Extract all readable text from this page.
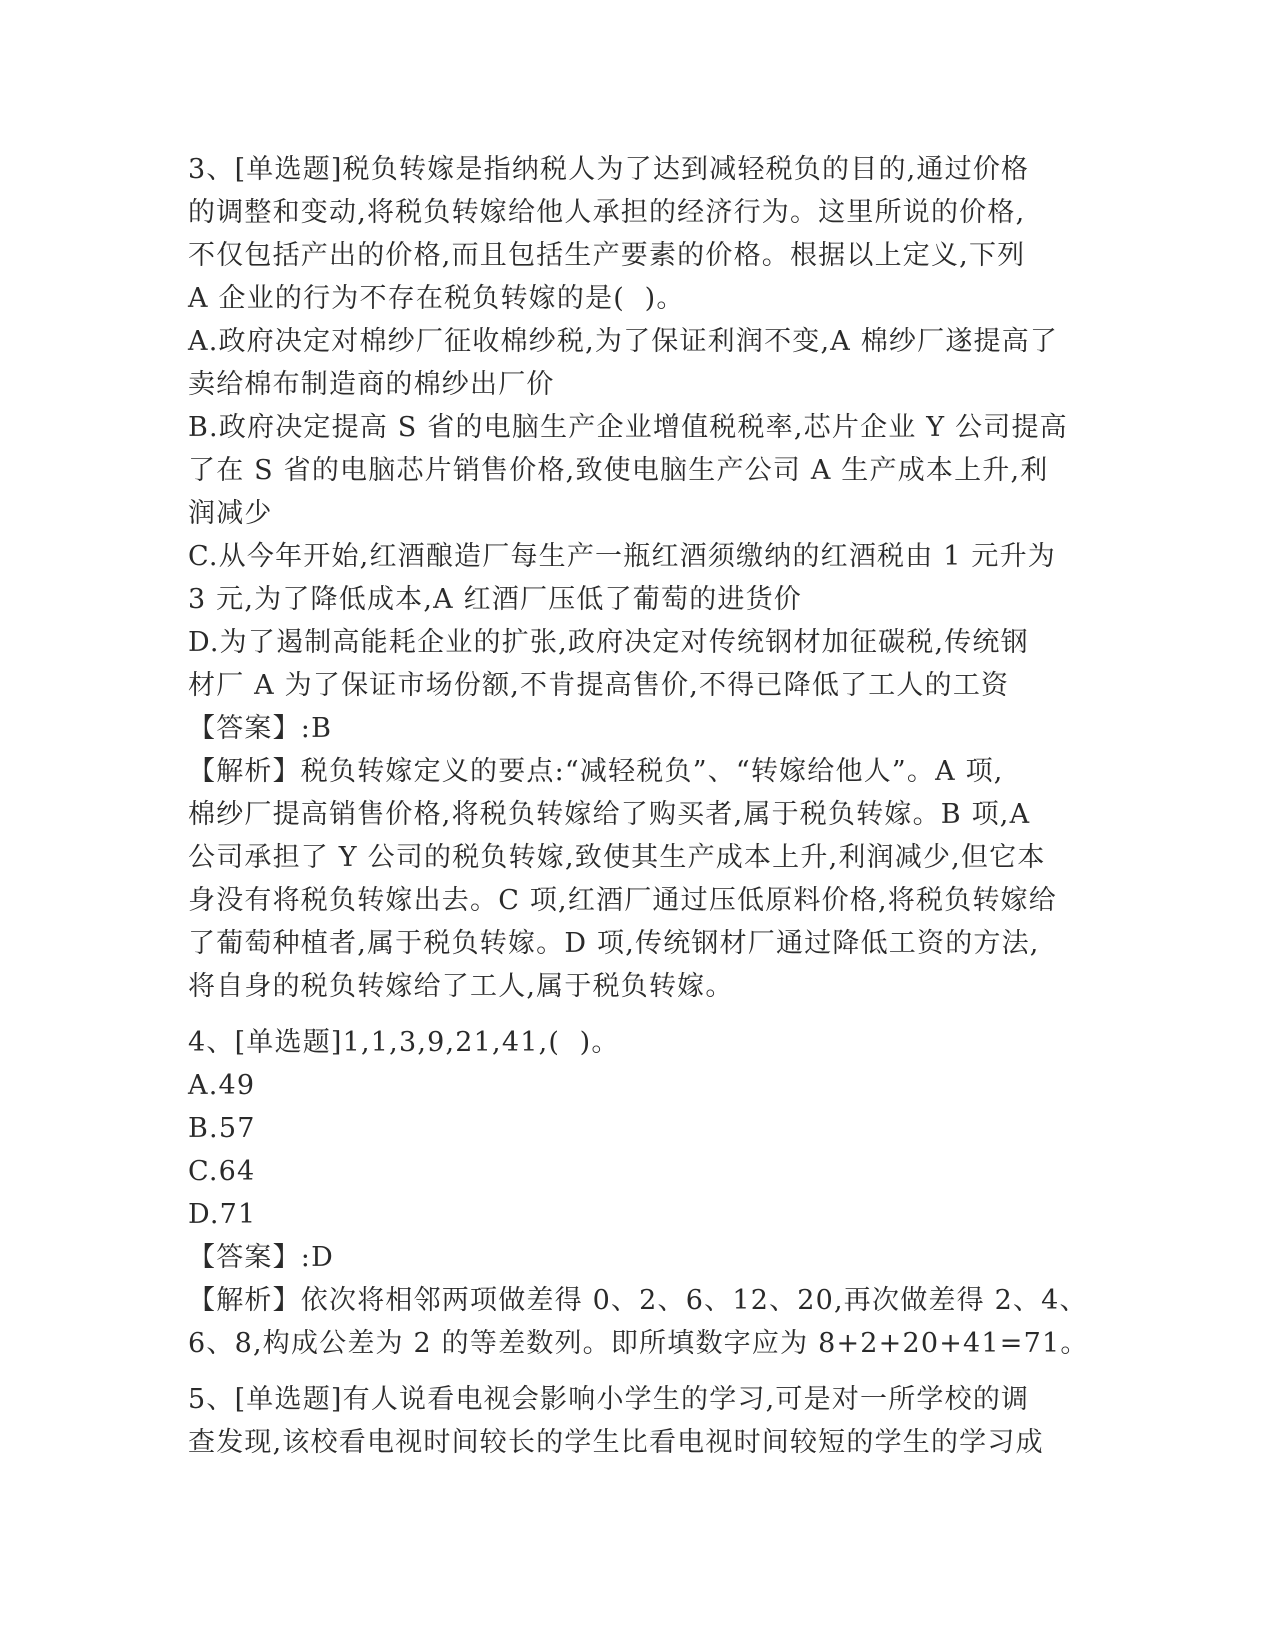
3、[单选题]税负转嫁是指纳税人为了达到减轻税负的目的,通过价格
的调整和变动,将税负转嫁给他人承担的经济行为。这里所说的价格,
不仅包括产出的价格,而且包括生产要素的价格。根据以上定义,下列
A 企业的行为不存在税负转嫁的是(  )。
A.政府决定对棉纱厂征收棉纱税,为了保证利润不变,A 棉纱厂遂提高了
卖给棉布制造商的棉纱出厂价
B.政府决定提高 S 省的电脑生产企业增值税税率,芯片企业 Y 公司提高
了在 S 省的电脑芯片销售价格,致使电脑生产公司 A 生产成本上升,利
润减少
C.从今年开始,红酒酿造厂每生产一瓶红酒须缴纳的红酒税由 1 元升为
3 元,为了降低成本,A 红酒厂压低了葡萄的进货价
D.为了遏制高能耗企业的扩张,政府决定对传统钢材加征碳税,传统钢
材厂 A 为了保证市场份额,不肯提高售价,不得已降低了工人的工资
【答案】:B
【解析】税负转嫁定义的要点:“减轻税负”、“转嫁给他人”。A 项,
棉纱厂提高销售价格,将税负转嫁给了购买者,属于税负转嫁。B 项,A
公司承担了 Y 公司的税负转嫁,致使其生产成本上升,利润减少,但它本
身没有将税负转嫁出去。C 项,红酒厂通过压低原料价格,将税负转嫁给
了葡萄种植者,属于税负转嫁。D 项,传统钢材厂通过降低工资的方法,
将自身的税负转嫁给了工人,属于税负转嫁。
4、[单选题]1,1,3,9,21,41,(  )。
A.49
B.57
C.64
D.71
【答案】:D
【解析】依次将相邻两项做差得 0、2、6、12、20,再次做差得 2、4、
6、8,构成公差为 2 的等差数列。即所填数字应为 8+2+20+41=71。
5、[单选题]有人说看电视会影响小学生的学习,可是对一所学校的调
查发现,该校看电视时间较长的学生比看电视时间较短的学生的学习成
